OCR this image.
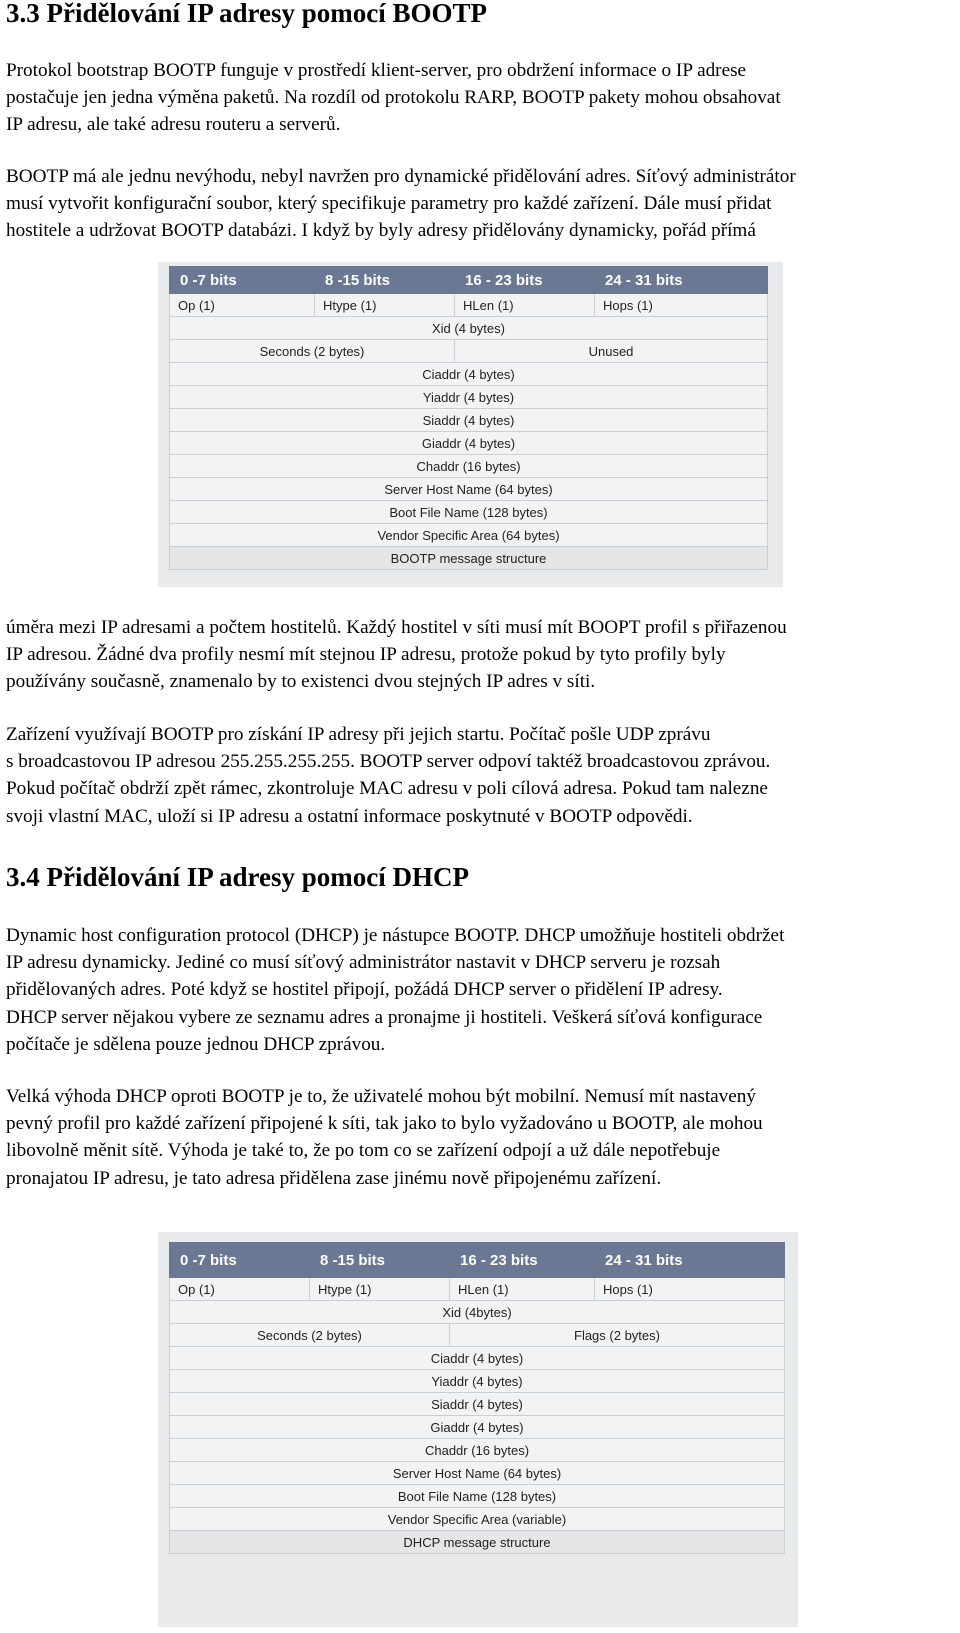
3.3 Přidělování IP adresy pomocí BOOTP
Protokol bootstrap BOOTP funguje v prostředí klient-server, pro obdržení informace o IP adrese
postačuje jen jedna výměna paketů. Na rozdíl od protokolu RARP, BOOTP pakety mohou obsahovat
IP adresu, ale také adresu routeru a serverů.
BOOTP má ale jednu nevýhodu, nebyl navržen pro dynamické přidělování adres. Síťový administrátor
musí vytvořit konfigurační soubor, který specifikuje parametry pro každé zařízení. Dále musí přidat
hostitele a udržovat BOOTP databázi. I když by byly adresy přidělovány dynamicky, pořád přímá
0 -7 bits	8 -15 bits	16 - 23 bits	24 - 31 bits
Op (1)	Htype (1)	HLen (1)	Hops (1)
Xid (4 bytes)			
Seconds (2 bytes)		Unused	
Ciaddr (4 bytes)			
Yiaddr (4 bytes)			
Siaddr (4 bytes)			
Giaddr (4 bytes)			
Chaddr (16 bytes)			
Server Host Name (64 bytes)			
Boot File Name (128 bytes)			
Vendor Specific Area (64 bytes)			
BOOTP message structure			
úměra mezi IP adresami a počtem hostitelů. Každý hostitel v síti musí mít BOOPT profil s přiřazenou
IP adresou. Žádné dva profily nesmí mít stejnou IP adresu, protože pokud by tyto profily byly
používány současně, znamenalo by to existenci dvou stejných IP adres v síti.
Zařízení využívají BOOTP pro získání IP adresy při jejich startu. Počítač pošle UDP zprávu
s broadcastovou IP adresou 255.255.255.255. BOOTP server odpoví taktéž broadcastovou zprávou.
Pokud počítač obdrží zpět rámec, zkontroluje MAC adresu v poli cílová adresa. Pokud tam nalezne
svoji vlastní MAC, uloží si IP adresu a ostatní informace poskytnuté v BOOTP odpovědi.
3.4 Přidělování IP adresy pomocí DHCP
Dynamic host configuration protocol (DHCP) je nástupce BOOTP. DHCP umožňuje hostiteli obdržet
IP adresu dynamicky. Jediné co musí síťový administrátor nastavit v DHCP serveru je rozsah
přidělovaných adres. Poté když se hostitel připojí, požádá DHCP server o přidělení IP adresy.
DHCP server nějakou vybere ze seznamu adres a pronajme ji hostiteli. Veškerá síťová konfigurace
počítače je sdělena pouze jednou DHCP zprávou.
Velká výhoda DHCP oproti BOOTP je to, že uživatelé mohou být mobilní. Nemusí mít nastavený
pevný profil pro každé zařízení připojené k síti, tak jako to bylo vyžadováno u BOOTP, ale mohou
libovolně měnit sítě. Výhoda je také to, že po tom co se zařízení odpojí a už dále nepotřebuje
pronajatou IP adresu, je tato adresa přidělena zase jinému nově připojenému zařízení.
0 -7 bits	8 -15 bits	16 - 23 bits	24 - 31 bits
Op (1)	Htype (1)	HLen (1)	Hops (1)
Xid (4bytes)			
Seconds (2 bytes)		Flags (2 bytes)	
Ciaddr (4 bytes)			
Yiaddr (4 bytes)			
Siaddr (4 bytes)			
Giaddr (4 bytes)			
Chaddr (16 bytes)			
Server Host Name (64 bytes)			
Boot File Name (128 bytes)			
Vendor Specific Area (variable)			
DHCP message structure			
